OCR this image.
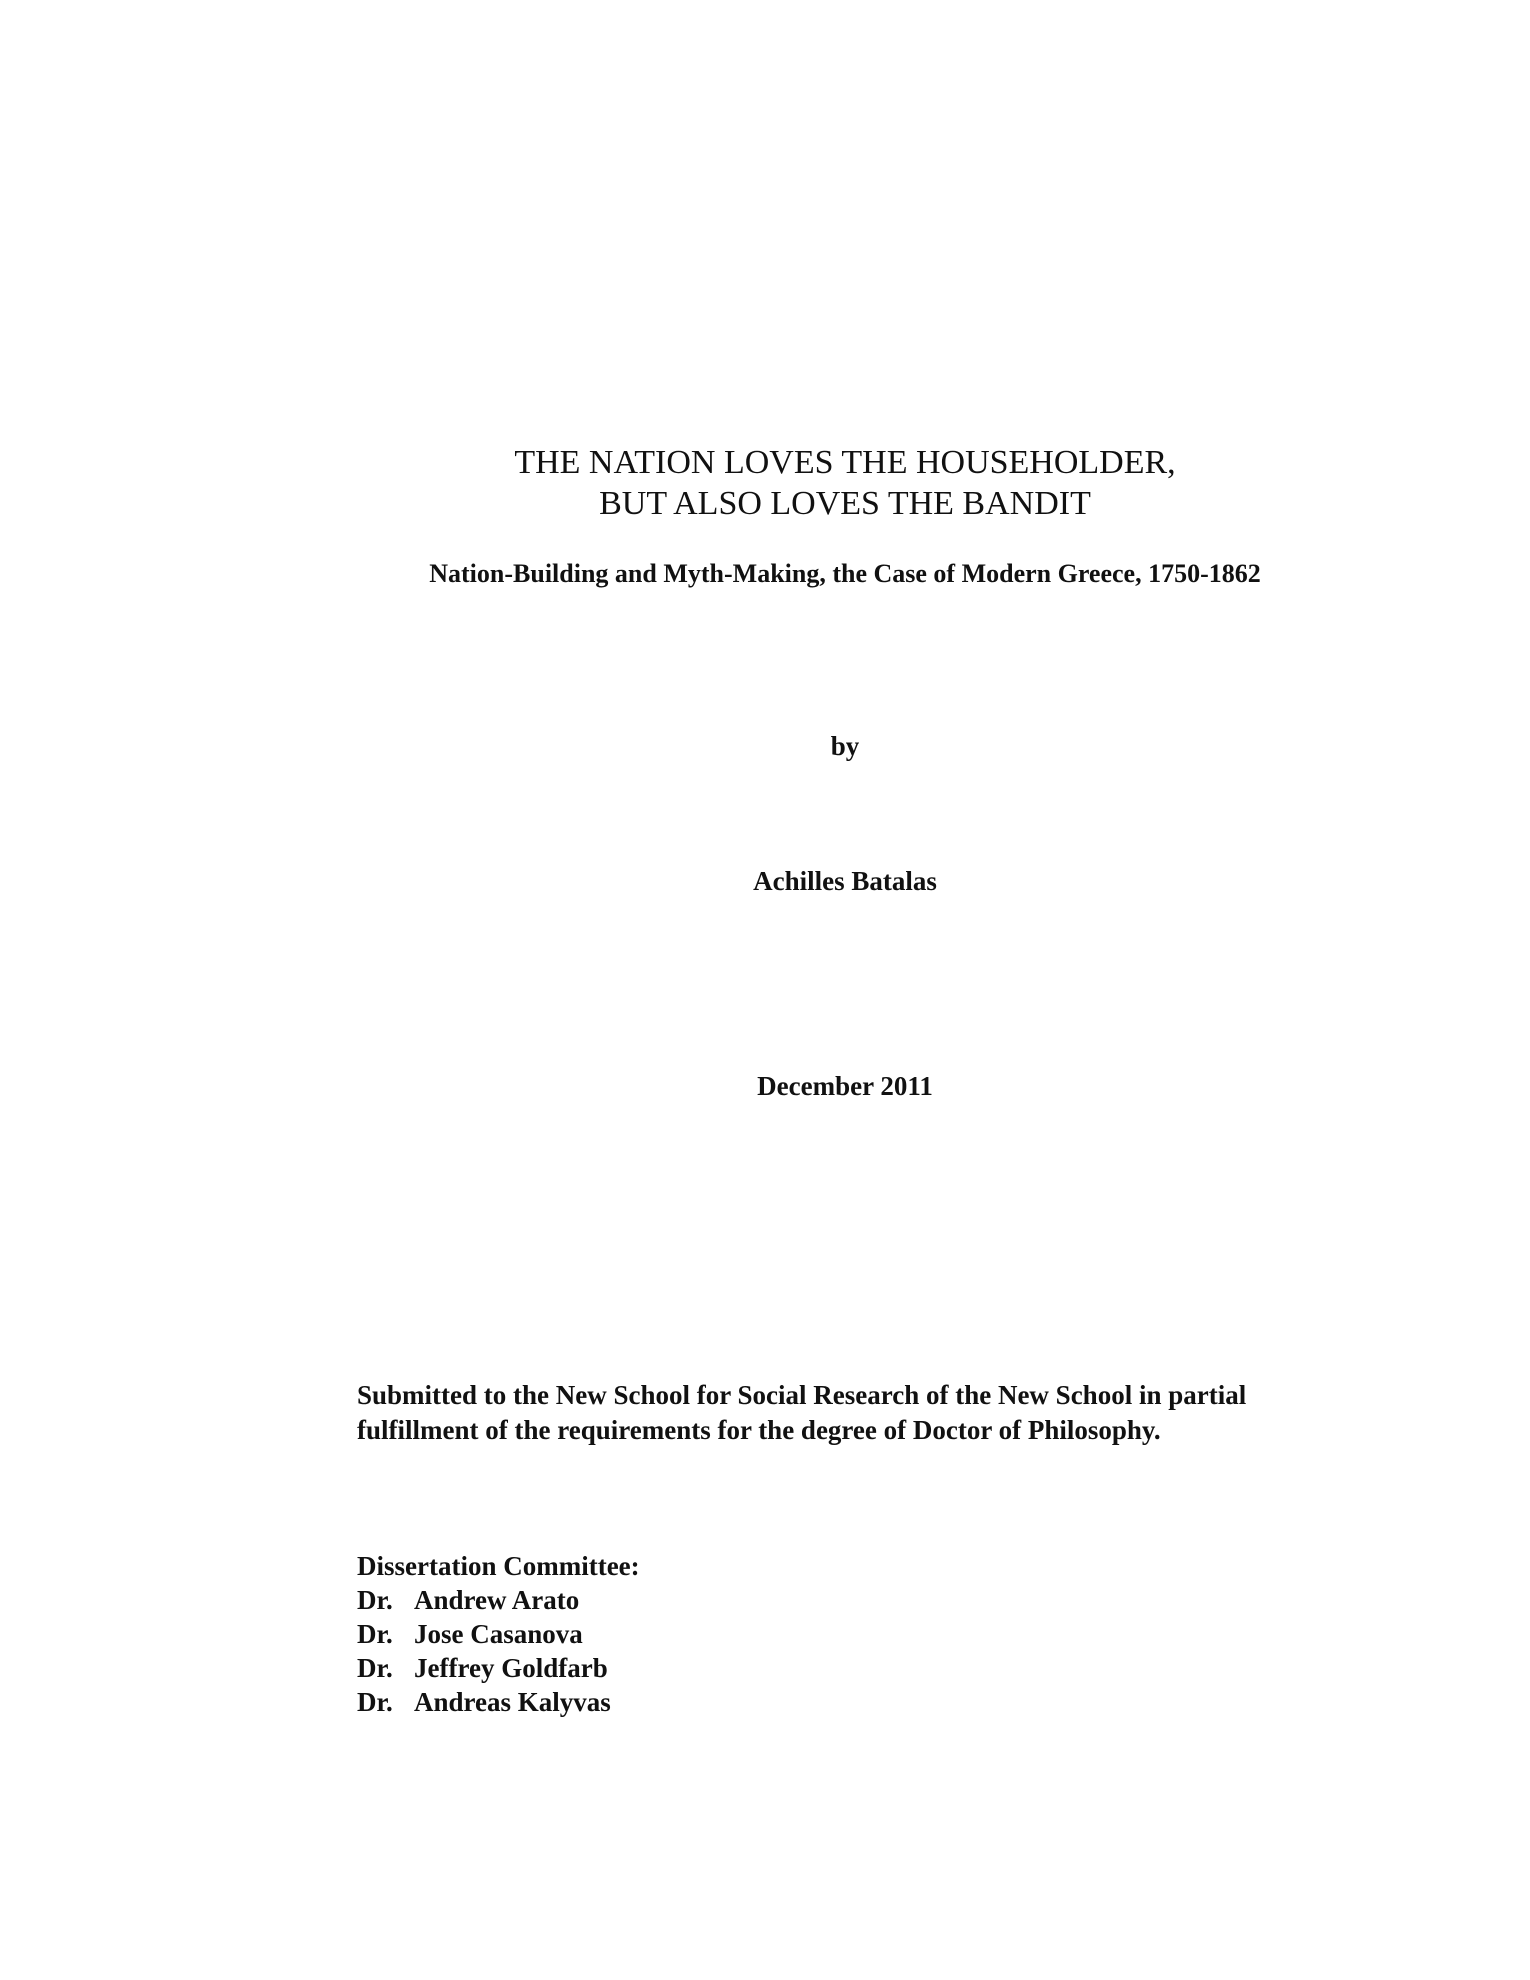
THE NATION LOVES THE HOUSEHOLDER,
BUT ALSO LOVES THE BANDIT
Nation-Building and Myth-Making, the Case of Modern Greece, 1750-1862
by
Achilles Batalas
December 2011

Submitted to the New School for Social Research of the New School in partial
fulfillment of the requirements for the degree of Doctor of Philosophy.

Dissertation Committee:
Dr. Andrew Arato
Dr. Jose Casanova
Dr. Jeffrey Goldfarb
Dr. Andreas Kalyvas
